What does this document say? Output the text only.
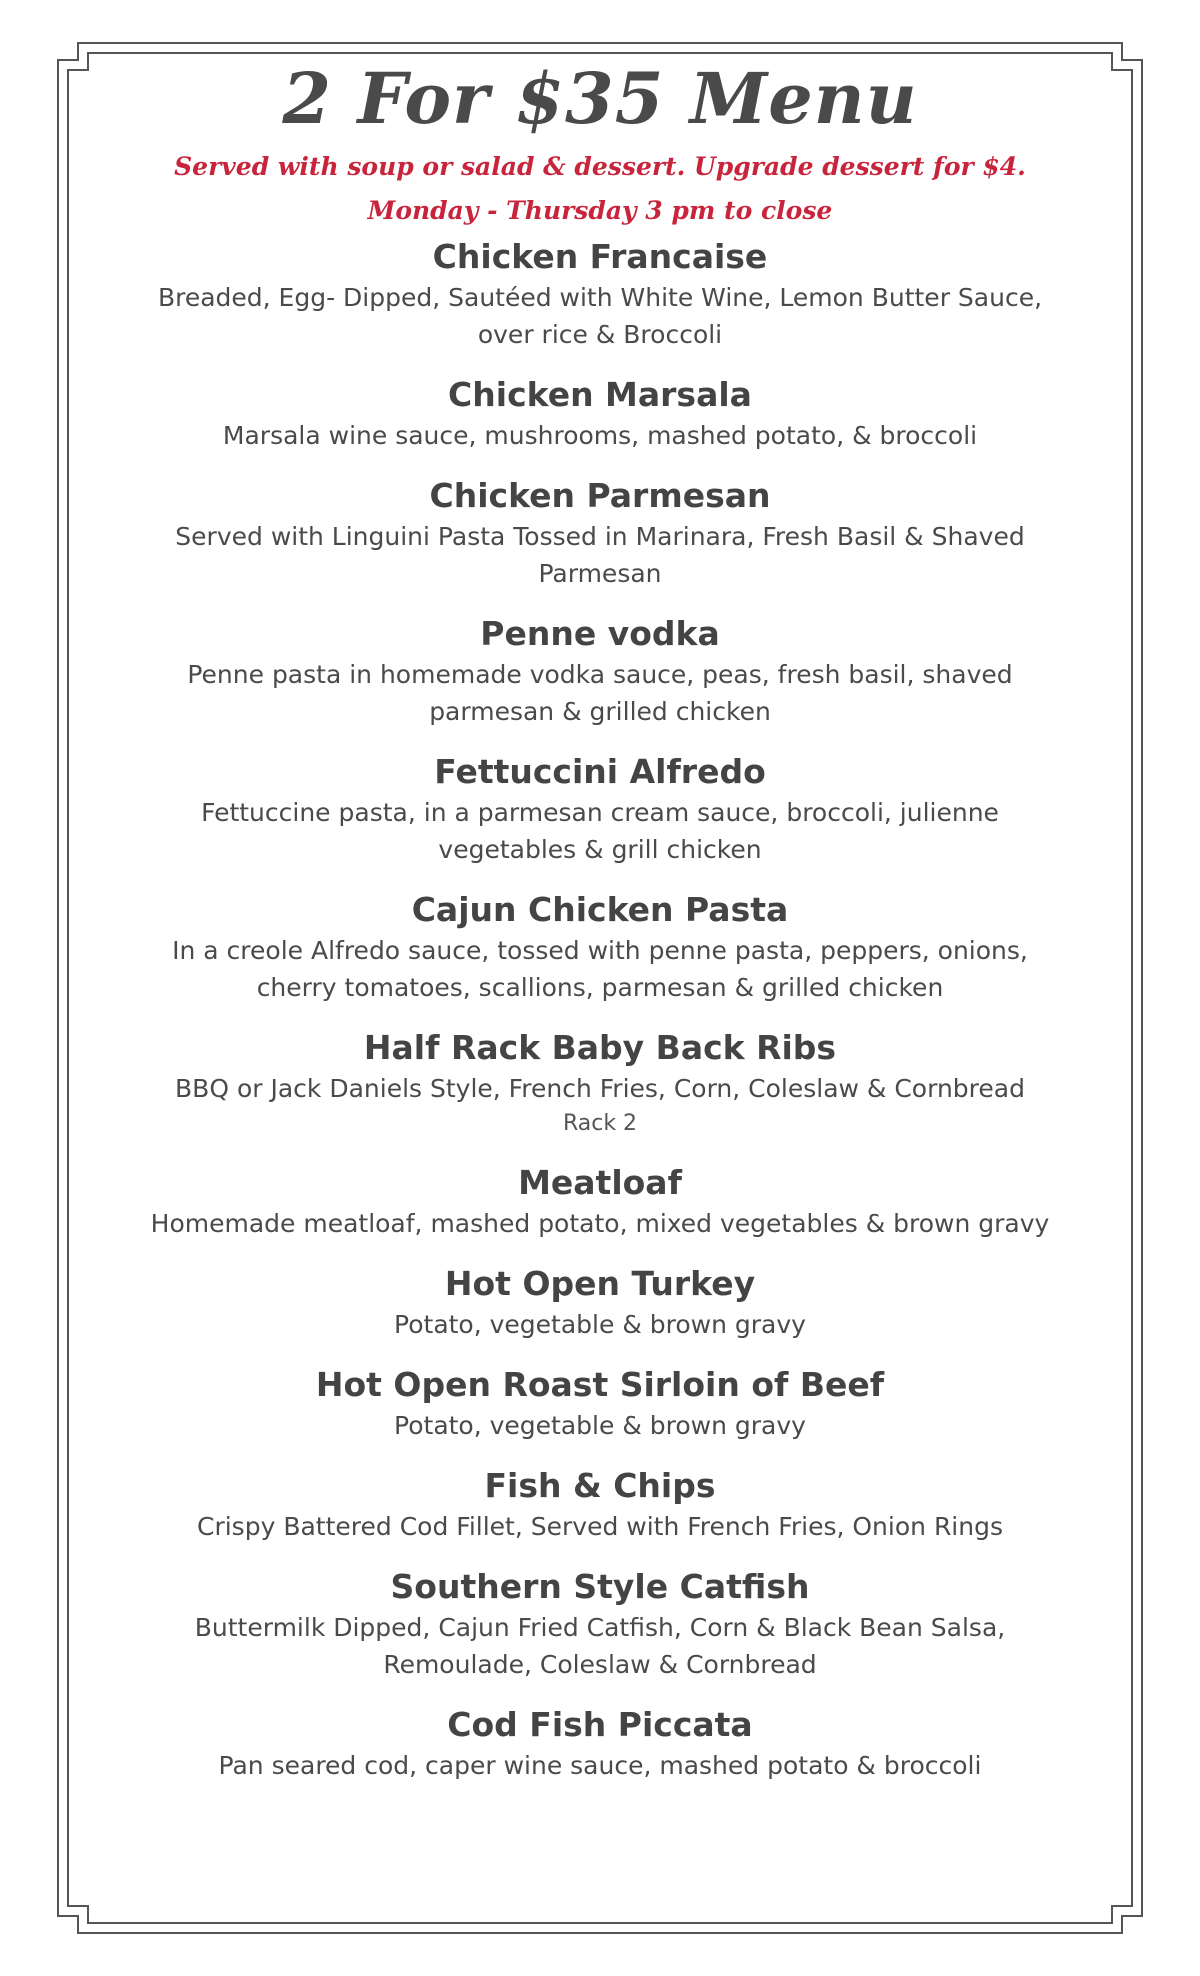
2 For $35 Menu
Served with soup or salad & dessert. Upgrade dessert for $4.
Monday - Thursday 3 pm to close
Chicken Francaise
Breaded, Egg- Dipped, Sautéed with White Wine, Lemon Butter Sauce, over rice & Broccoli
Chicken Marsala
Marsala wine sauce, mushrooms, mashed potato, & broccoli
Chicken Parmesan
Served with Linguini Pasta Tossed in Marinara, Fresh Basil & Shaved Parmesan
Penne vodka
Penne pasta in homemade vodka sauce, peas, fresh basil, shaved parmesan & grilled chicken
Fettuccini Alfredo
Fettuccine pasta, in a parmesan cream sauce, broccoli, julienne vegetables & grill chicken
Cajun Chicken Pasta
In a creole Alfredo sauce, tossed with penne pasta, peppers, onions, cherry tomatoes, scallions, parmesan & grilled chicken
Half Rack Baby Back Ribs
BBQ or Jack Daniels Style, French Fries, Corn, Coleslaw & Cornbread
Rack 2
Meatloaf
Homemade meatloaf, mashed potato, mixed vegetables & brown gravy
Hot Open Turkey
Potato, vegetable & brown gravy
Hot Open Roast Sirloin of Beef
Potato, vegetable & brown gravy
Fish & Chips
Crispy Battered Cod Fillet, Served with French Fries, Onion Rings
Southern Style Catfish
Buttermilk Dipped, Cajun Fried Catfish, Corn & Black Bean Salsa, Remoulade, Coleslaw & Cornbread
Cod Fish Piccata
Pan seared cod, caper wine sauce, mashed potato & broccoli
